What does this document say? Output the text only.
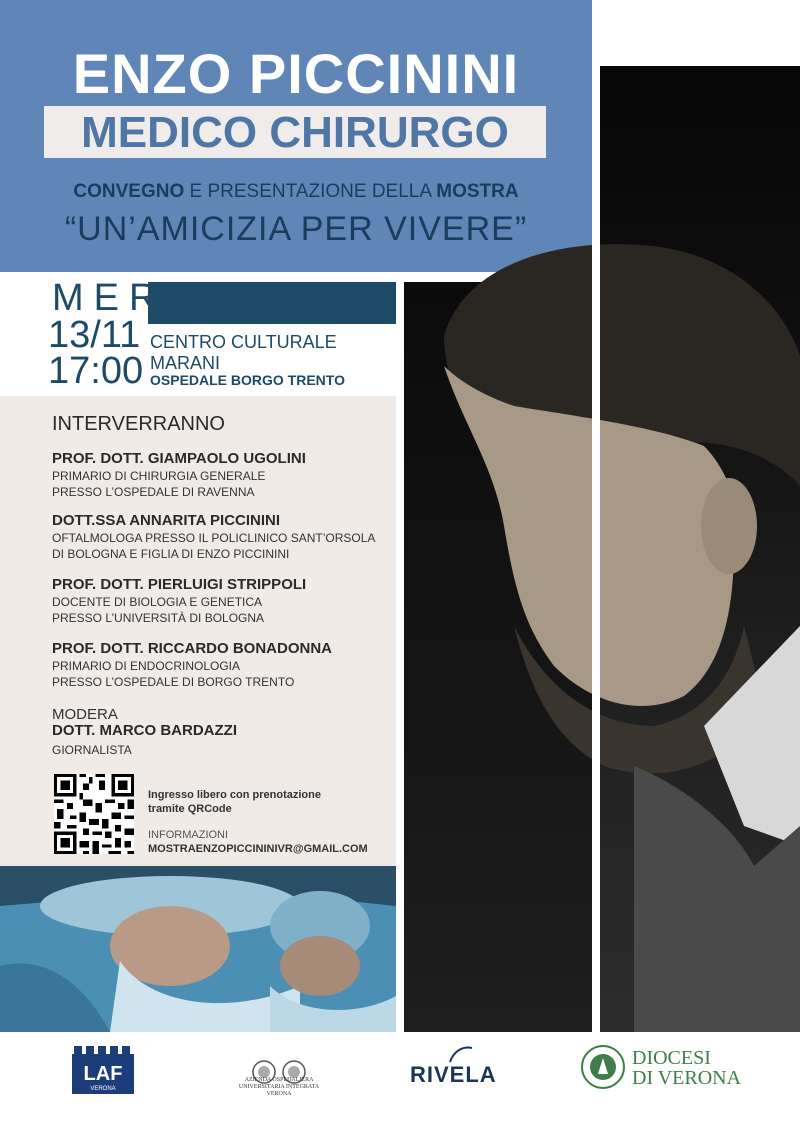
ENZO PICCININI
MEDICO CHIRURGO
CONVEGNO E PRESENTAZIONE DELLA MOSTRA
“UN’AMICIZIA PER VIVERE”
MER
13/11
17:00
CENTRO CULTURALE
MARANI
OSPEDALE BORGO TRENTO
INTERVERRANNO
PROF. DOTT. GIAMPAOLO UGOLINI
PRIMARIO DI CHIRURGIA GENERALE
PRESSO L’OSPEDALE DI RAVENNA
DOTT.SSA ANNARITA PICCININI
OFTALMOLOGA PRESSO IL POLICLINICO SANT’ORSOLA
DI BOLOGNA E FIGLIA DI ENZO PICCININI
PROF. DOTT. PIERLUIGI STRIPPOLI
DOCENTE DI BIOLOGIA E GENETICA
PRESSO L’UNIVERSITÀ DI BOLOGNA
PROF. DOTT. RICCARDO BONADONNA
PRIMARIO DI ENDOCRINOLOGIA
PRESSO L’OSPEDALE DI BORGO TRENTO
MODERA
DOTT. MARCO BARDAZZI
GIORNALISTA
Ingresso libero con prenotazione
tramite QRCode
INFORMAZIONI
MOSTRAENZOPICCININIVR@GMAIL.COM
LAF
VERONA
AZIENDA OSPEDALIERA
UNIVERSITARIA INTEGRATA
VERONA
RIVELA
DIOCESI
DI VERONA
